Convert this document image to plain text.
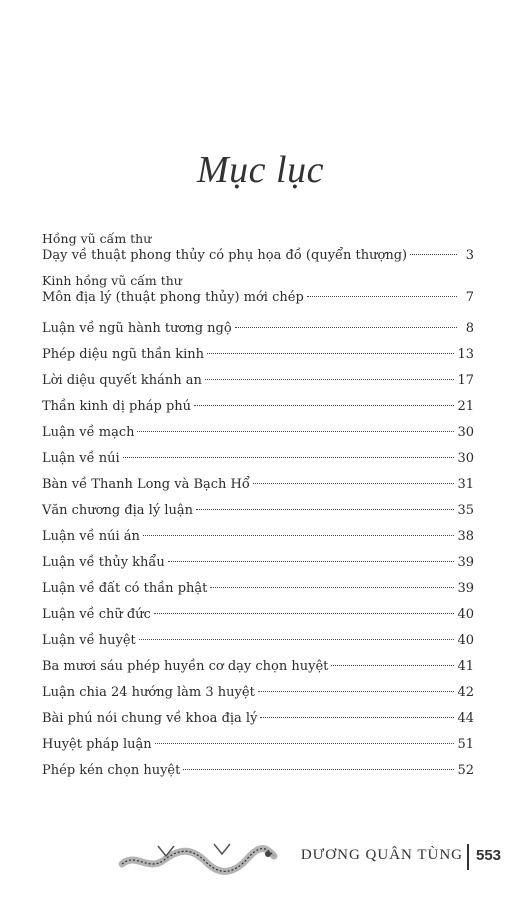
Mục lục
Hồng vũ cấm thư
Dạy về thuật phong thủy có phụ họa đồ (quyển thượng)	3
Kinh hồng vũ cấm thư
Môn địa lý (thuật phong thủy) mới chép	7
Luận về ngũ hành tương ngộ	8
Phép diệu ngũ thần kinh	13
Lời diệu quyết khánh an	17
Thần kinh dị pháp phú	21
Luận về mạch	30
Luận về núi	30
Bàn về Thanh Long và Bạch Hổ	31
Văn chương địa lý luận	35
Luận về núi án	38
Luận về thủy khẩu	39
Luận về đất có thần phật	39
Luận về chữ đức	40
Luận về huyệt	40
Ba mươi sáu phép huyền cơ dạy chọn huyệt	41
Luận chia 24 hướng làm 3 huyệt	42
Bài phú nói chung về khoa địa lý	44
Huyệt pháp luận	51
Phép kén chọn huyệt	52
DƯƠNG QUÂN TÙNG 553
